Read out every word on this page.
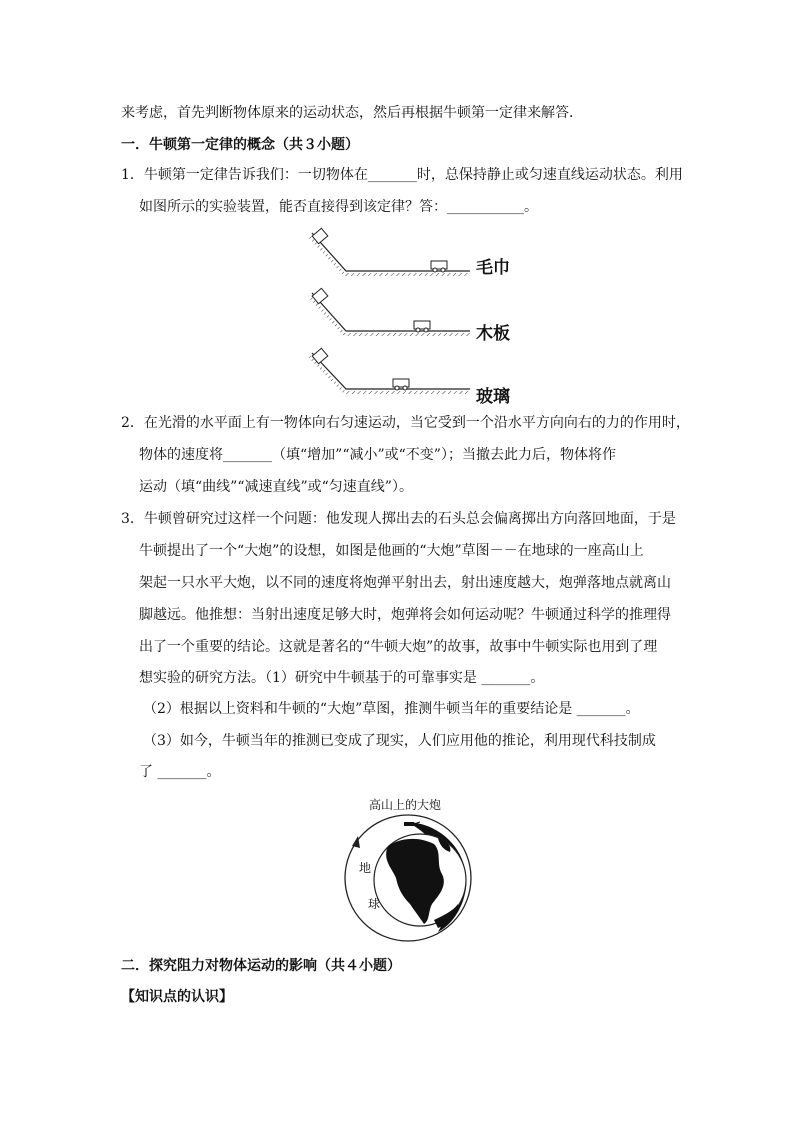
来考虑，首先判断物体原来的运动状态，然后再根据牛顿第一定律来解答．
一．牛顿第一定律的概念（共３小题）
1．牛顿第一定律告诉我们：一切物体在_______时，总保持静止或匀速直线运动状态。利用
如图所示的实验装置，能否直接得到该定律？答：___________。
毛巾
木板
玻璃
2．在光滑的水平面上有一物体向右匀速运动，当它受到一个沿水平方向向右的力的作用时，
物体的速度将_______（填“增加”“减小”或“不变”）；当撤去此力后，物体将作
运动（填“曲线”“减速直线”或“匀速直线”）。
3．牛顿曾研究过这样一个问题：他发现人掷出去的石头总会偏离掷出方向落回地面，于是
牛顿提出了一个“大炮”的设想，如图是他画的“大炮”草图－－在地球的一座高山上
架起一只水平大炮，以不同的速度将炮弹平射出去，射出速度越大，炮弹落地点就离山
脚越远。他推想：当射出速度足够大时，炮弹将会如何运动呢？牛顿通过科学的推理得
出了一个重要的结论。这就是著名的“牛顿大炮”的故事，故事中牛顿实际也用到了理
想实验的研究方法。（1）研究中牛顿基于的可靠事实是 _______。
（2）根据以上资料和牛顿的“大炮”草图，推测牛顿当年的重要结论是 _______。
（3）如今，牛顿当年的推测已变成了现实，人们应用他的推论，利用现代科技制成
了 _______。
高山上的大炮
地
球
二．探究阻力对物体运动的影响（共４小题）
【知识点的认识】
